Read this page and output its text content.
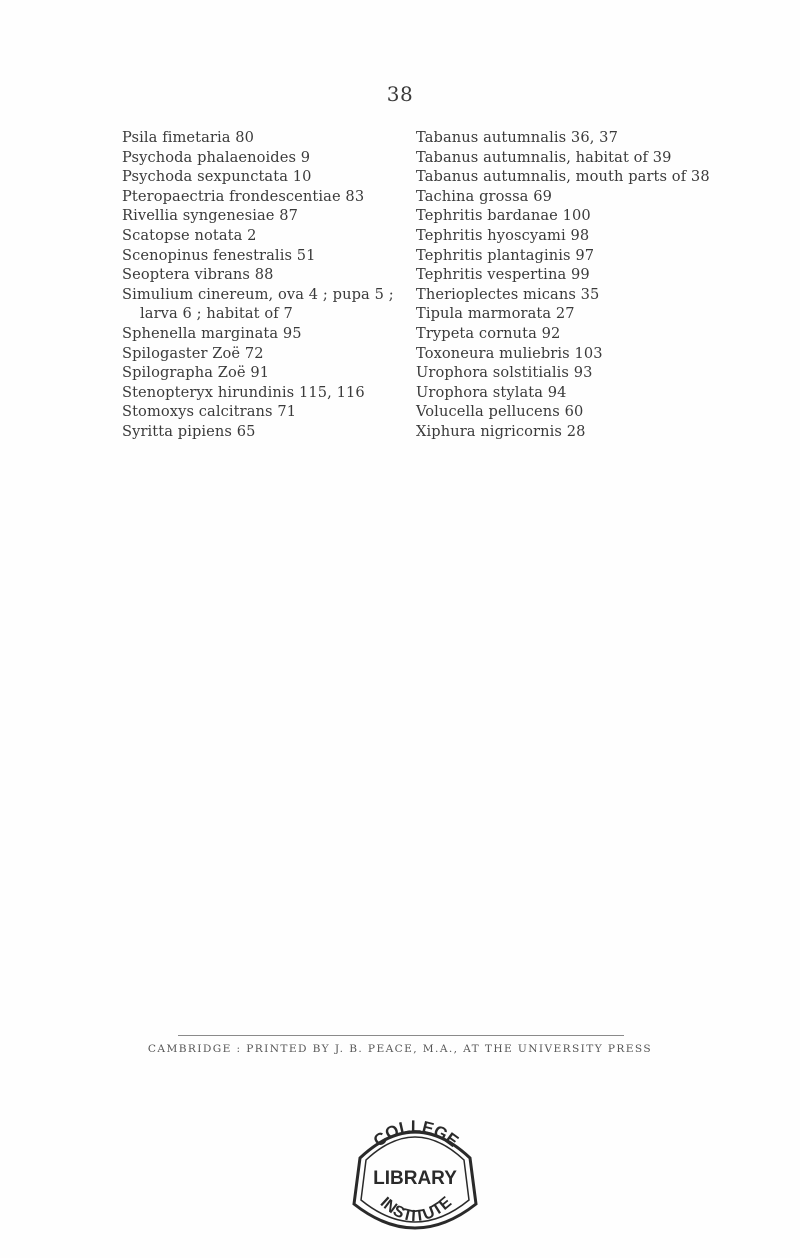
38
Psila fimetaria 80
Psychoda phalaenoides 9
Psychoda sexpunctata 10
Pteropaectria frondescentiae 83
Rivellia syngenesiae 87
Scatopse notata 2
Scenopinus fenestralis 51
Seoptera vibrans 88
Simulium cinereum, ova 4 ; pupa 5 ;
larva 6 ; habitat of 7
Sphenella marginata 95
Spilogaster Zoë 72
Spilographa Zoë 91
Stenopteryx hirundinis 115, 116
Stomoxys calcitrans 71
Syritta pipiens 65
Tabanus autumnalis 36, 37
Tabanus autumnalis, habitat of 39
Tabanus autumnalis, mouth parts of 38
Tachina grossa 69
Tephritis bardanae 100
Tephritis hyoscyami 98
Tephritis plantaginis 97
Tephritis vespertina 99
Therioplectes micans 35
Tipula marmorata 27
Trypeta cornuta 92
Toxoneura muliebris 103
Urophora solstitialis 93
Urophora stylata 94
Volucella pellucens 60
Xiphura nigricornis 28
CAMBRIDGE : PRINTED BY J. B. PEACE, M.A., AT THE UNIVERSITY PRESS
COLLEGE
LIBRARY
INSTITUTE
